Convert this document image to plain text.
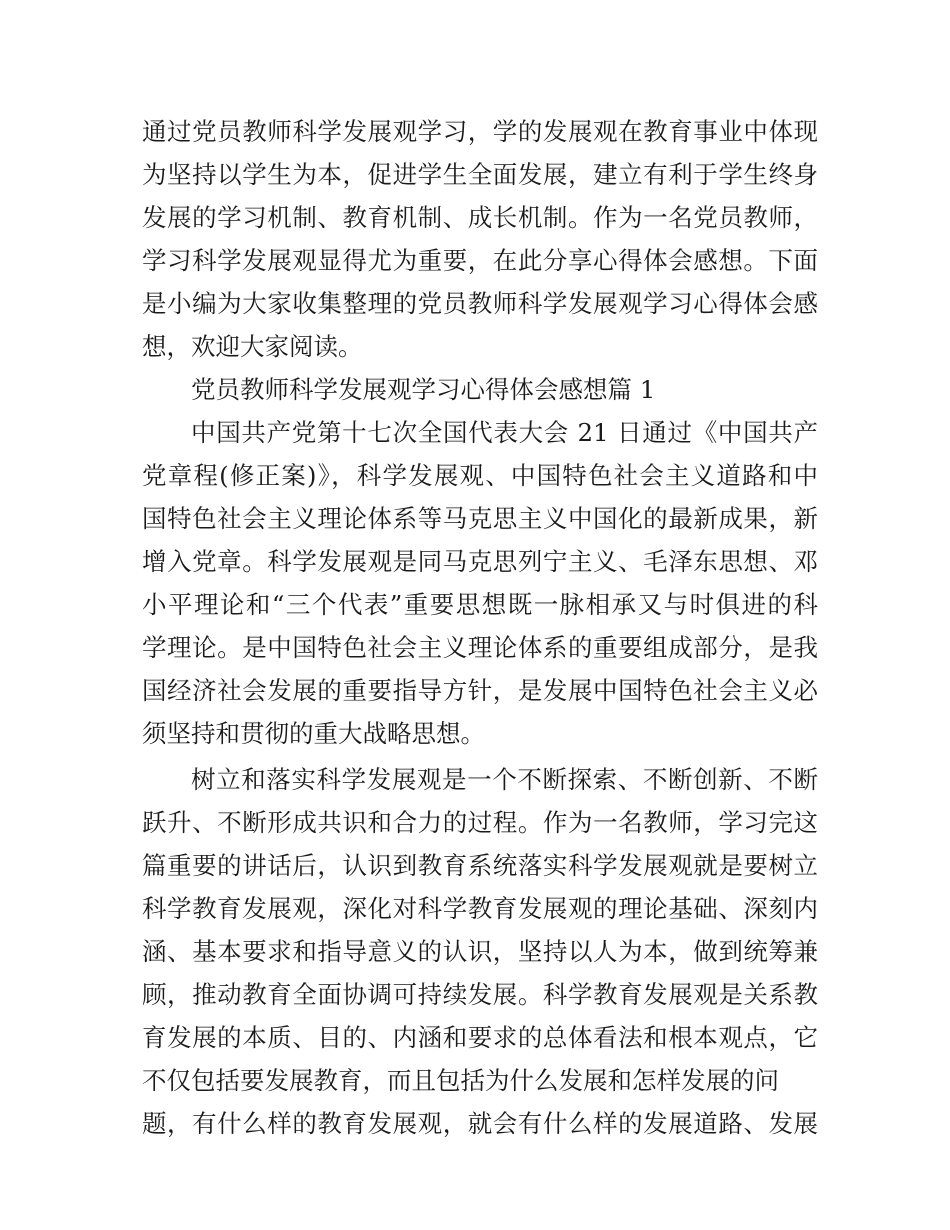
通过党员教师科学发展观学习，学的发展观在教育事业中体现
为坚持以学生为本，促进学生全面发展，建立有利于学生终身
发展的学习机制、教育机制、成长机制。作为一名党员教师，
学习科学发展观显得尤为重要，在此分享心得体会感想。下面
是小编为大家收集整理的党员教师科学发展观学习心得体会感
想，欢迎大家阅读。
党员教师科学发展观学习心得体会感想篇 1
中国共产党第十七次全国代表大会 21 日通过《中国共产
党章程(修正案)》，科学发展观、中国特色社会主义道路和中
国特色社会主义理论体系等马克思主义中国化的最新成果，新
增入党章。科学发展观是同马克思列宁主义、毛泽东思想、邓
小平理论和“三个代表”重要思想既一脉相承又与时俱进的科
学理论。是中国特色社会主义理论体系的重要组成部分，是我
国经济社会发展的重要指导方针，是发展中国特色社会主义必
须坚持和贯彻的重大战略思想。
树立和落实科学发展观是一个不断探索、不断创新、不断
跃升、不断形成共识和合力的过程。作为一名教师，学习完这
篇重要的讲话后，认识到教育系统落实科学发展观就是要树立
科学教育发展观，深化对科学教育发展观的理论基础、深刻内
涵、基本要求和指导意义的认识，坚持以人为本，做到统筹兼
顾，推动教育全面协调可持续发展。科学教育发展观是关系教
育发展的本质、目的、内涵和要求的总体看法和根本观点，它
不仅包括要发展教育，而且包括为什么发展和怎样发展的问
题，有什么样的教育发展观，就会有什么样的发展道路、发展
